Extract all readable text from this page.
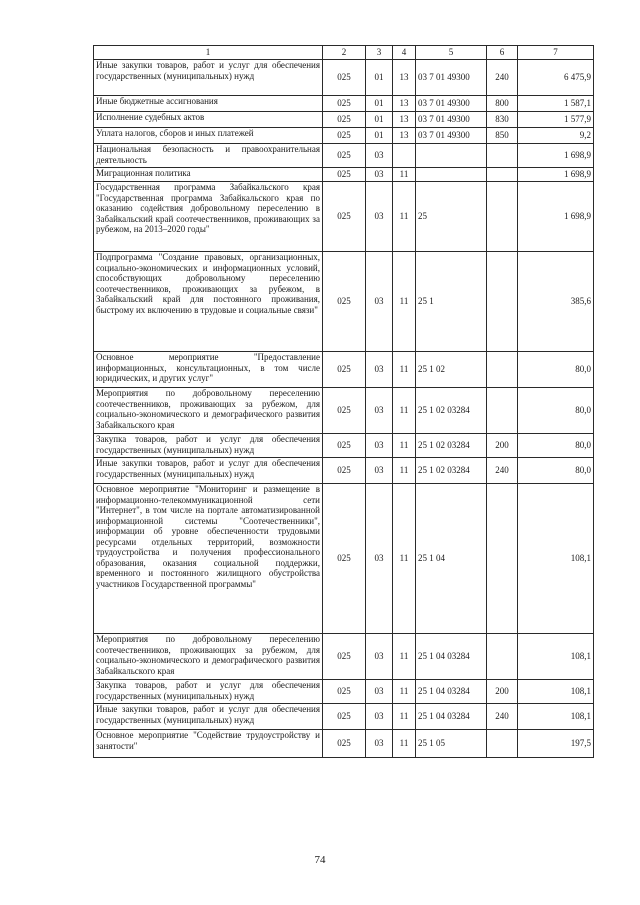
1	2	3	4	5	6	7
Иные закупки товаров, работ и услуг для обеспечения государственных (муниципальных) нужд	025	01	13	03 7 01 49300	240	6 475,9
Иные бюджетные ассигнования	025	01	13	03 7 01 49300	800	1 587,1
Исполнение судебных актов	025	01	13	03 7 01 49300	830	1 577,9
Уплата налогов, сборов и иных платежей	025	01	13	03 7 01 49300	850	9,2
Национальная безопасность и правоохранительная деятельность	025	03				1 698,9
Миграционная политика	025	03	11			1 698,9
Государственная программа Забайкальского края "Государственная программа Забайкальского края по оказанию содействия добровольному переселению в Забайкальский край соотечественников, проживающих за рубежом, на 2013–2020 годы"	025	03	11	25		1 698,9
Подпрограмма "Создание правовых, организационных, социально-экономических и информационных условий, способствующих добровольному переселению соотечественников, проживающих за рубежом, в Забайкальский край для постоянного проживания, быстрому их включению в трудовые и социальные связи"	025	03	11	25 1		385,6
Основное мероприятие "Предоставление информационных, консультационных, в том числе юридических, и других услуг"	025	03	11	25 1 02		80,0
Мероприятия по добровольному переселению соотечественников, проживающих за рубежом, для социально-экономического и демографического развития Забайкальского края	025	03	11	25 1 02 03284		80,0
Закупка товаров, работ и услуг для обеспечения государственных (муниципальных) нужд	025	03	11	25 1 02 03284	200	80,0
Иные закупки товаров, работ и услуг для обеспечения государственных (муниципальных) нужд	025	03	11	25 1 02 03284	240	80,0
Основное мероприятие "Мониторинг и размещение в информационно-телекоммуникационной сети "Интернет", в том числе на портале автоматизированной информационной системы "Соотечественники", информации об уровне обеспеченности трудовыми ресурсами отдельных территорий, возможности трудоустройства и получения профессионального образования, оказания социальной поддержки, временного и постоянного жилищного обустройства участников Государственной программы"	025	03	11	25 1 04		108,1
Мероприятия по добровольному переселению соотечественников, проживающих за рубежом, для социально-экономического и демографического развития Забайкальского края	025	03	11	25 1 04 03284		108,1
Закупка товаров, работ и услуг для обеспечения государственных (муниципальных) нужд	025	03	11	25 1 04 03284	200	108,1
Иные закупки товаров, работ и услуг для обеспечения государственных (муниципальных) нужд	025	03	11	25 1 04 03284	240	108,1
Основное мероприятие "Содействие трудоустройству и занятости"	025	03	11	25 1 05		197,5
74
